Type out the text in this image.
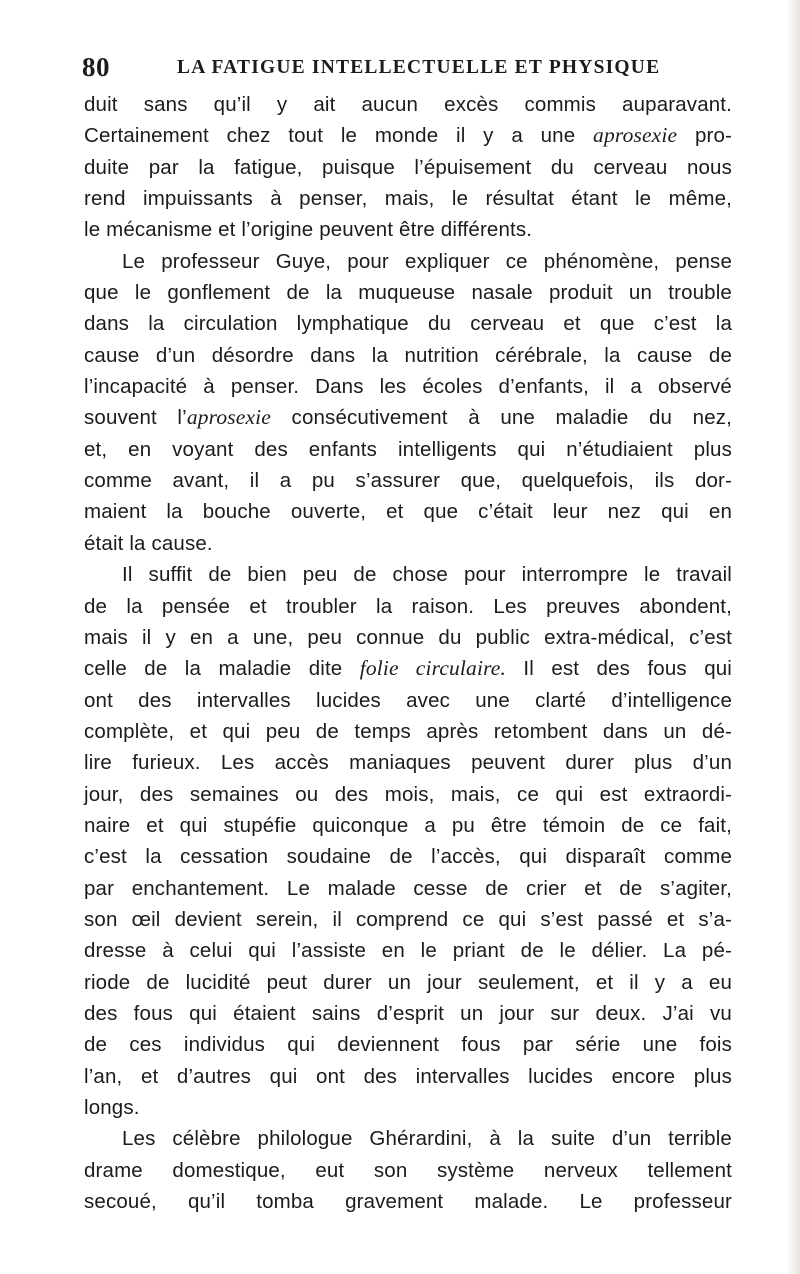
80	LA FATIGUE INTELLECTUELLE ET PHYSIQUE
duit sans qu’il y ait aucun excès commis auparavant.
Certainement chez tout le monde il y a une aprosexie pro-
duite par la fatigue, puisque l’épuisement du cerveau nous
rend impuissants à penser, mais, le résultat étant le même,
le mécanisme et l’origine peuvent être différents.
Le professeur Guye, pour expliquer ce phénomène, pense
que le gonflement de la muqueuse nasale produit un trouble
dans la circulation lymphatique du cerveau et que c’est la
cause d’un désordre dans la nutrition cérébrale, la cause de
l’incapacité à penser. Dans les écoles d’enfants, il a observé
souvent l’aprosexie consécutivement à une maladie du nez,
et, en voyant des enfants intelligents qui n’étudiaient plus
comme avant, il a pu s’assurer que, quelquefois, ils dor-
maient la bouche ouverte, et que c’était leur nez qui en
était la cause.
Il suffit de bien peu de chose pour interrompre le travail
de la pensée et troubler la raison. Les preuves abondent,
mais il y en a une, peu connue du public extra-médical, c’est
celle de la maladie dite folie circulaire. Il est des fous qui
ont des intervalles lucides avec une clarté d’intelligence
complète, et qui peu de temps après retombent dans un dé-
lire furieux. Les accès maniaques peuvent durer plus d’un
jour, des semaines ou des mois, mais, ce qui est extraordi-
naire et qui stupéfie quiconque a pu être témoin de ce fait,
c’est la cessation soudaine de l’accès, qui disparaît comme
par enchantement. Le malade cesse de crier et de s’agiter,
son œil devient serein, il comprend ce qui s’est passé et s’a-
dresse à celui qui l’assiste en le priant de le délier. La pé-
riode de lucidité peut durer un jour seulement, et il y a eu
des fous qui étaient sains d’esprit un jour sur deux. J’ai vu
de ces individus qui deviennent fous par série une fois
l’an, et d’autres qui ont des intervalles lucides encore plus
longs.
Les célèbre philologue Ghérardini, à la suite d’un terrible
drame domestique, eut son système nerveux tellement
secoué, qu’il tomba gravement malade. Le professeur
